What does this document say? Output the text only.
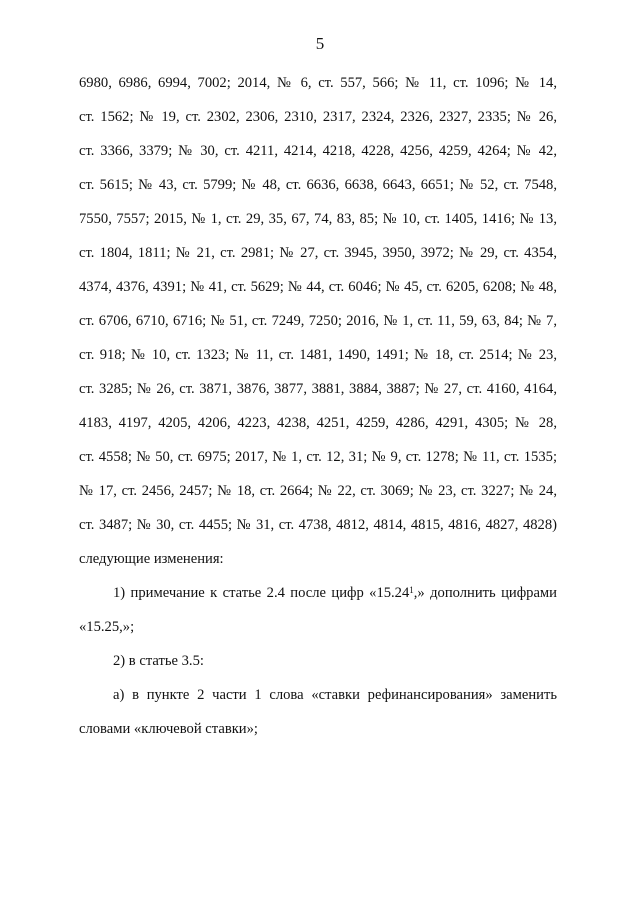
5
6980, 6986, 6994, 7002; 2014, № 6, ст. 557, 566; № 11, ст. 1096; № 14,
ст. 1562; № 19, ст. 2302, 2306, 2310, 2317, 2324, 2326, 2327, 2335; № 26,
ст. 3366, 3379; № 30, ст. 4211, 4214, 4218, 4228, 4256, 4259, 4264; № 42,
ст. 5615; № 43, ст. 5799; № 48, ст. 6636, 6638, 6643, 6651; № 52, ст. 7548,
7550, 7557; 2015, № 1, ст. 29, 35, 67, 74, 83, 85; № 10, ст. 1405, 1416; № 13,
ст. 1804, 1811; № 21, ст. 2981; № 27, ст. 3945, 3950, 3972; № 29, ст. 4354,
4374, 4376, 4391; № 41, ст. 5629; № 44, ст. 6046; № 45, ст. 6205, 6208; № 48,
ст. 6706, 6710, 6716; № 51, ст. 7249, 7250; 2016, № 1, ст. 11, 59, 63, 84; № 7,
ст. 918; № 10, ст. 1323; № 11, ст. 1481, 1490, 1491; № 18, ст. 2514; № 23,
ст. 3285; № 26, ст. 3871, 3876, 3877, 3881, 3884, 3887; № 27, ст. 4160, 4164,
4183, 4197, 4205, 4206, 4223, 4238, 4251, 4259, 4286, 4291, 4305; № 28,
ст. 4558; № 50, ст. 6975; 2017, № 1, ст. 12, 31; № 9, ст. 1278; № 11, ст. 1535;
№ 17, ст. 2456, 2457; № 18, ст. 2664; № 22, ст. 3069; № 23, ст. 3227; № 24,
ст. 3487; № 30, ст. 4455; № 31, ст. 4738, 4812, 4814, 4815, 4816, 4827, 4828)
следующие изменения:
1) примечание к статье 2.4 после цифр «15.24$^1$,» дополнить цифрами
«15.25,»;
2) в статье 3.5:
а) в пункте 2 части 1 слова «ставки рефинансирования» заменить
словами «ключевой ставки»;
